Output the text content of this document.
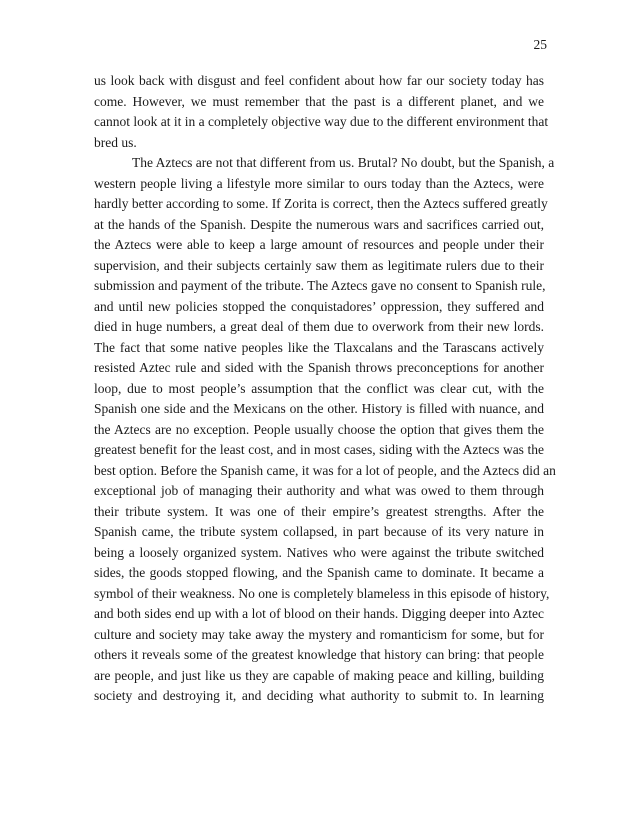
25
us look back with disgust and feel confident about how far our society today has
come. However, we must remember that the past is a different planet, and we
cannot look at it in a completely objective way due to the different environment that
bred us.
The Aztecs are not that different from us. Brutal? No doubt, but the Spanish, a
western people living a lifestyle more similar to ours today than the Aztecs, were
hardly better according to some. If Zorita is correct, then the Aztecs suffered greatly
at the hands of the Spanish. Despite the numerous wars and sacrifices carried out,
the Aztecs were able to keep a large amount of resources and people under their
supervision, and their subjects certainly saw them as legitimate rulers due to their
submission and payment of the tribute. The Aztecs gave no consent to Spanish rule,
and until new policies stopped the conquistadores’ oppression, they suffered and
died in huge numbers, a great deal of them due to overwork from their new lords.
The fact that some native peoples like the Tlaxcalans and the Tarascans actively
resisted Aztec rule and sided with the Spanish throws preconceptions for another
loop, due to most people’s assumption that the conflict was clear cut, with the
Spanish one side and the Mexicans on the other. History is filled with nuance, and
the Aztecs are no exception. People usually choose the option that gives them the
greatest benefit for the least cost, and in most cases, siding with the Aztecs was the
best option. Before the Spanish came, it was for a lot of people, and the Aztecs did an
exceptional job of managing their authority and what was owed to them through
their tribute system. It was one of their empire’s greatest strengths. After the
Spanish came, the tribute system collapsed, in part because of its very nature in
being a loosely organized system. Natives who were against the tribute switched
sides, the goods stopped flowing, and the Spanish came to dominate. It became a
symbol of their weakness. No one is completely blameless in this episode of history,
and both sides end up with a lot of blood on their hands. Digging deeper into Aztec
culture and society may take away the mystery and romanticism for some, but for
others it reveals some of the greatest knowledge that history can bring: that people
are people, and just like us they are capable of making peace and killing, building
society and destroying it, and deciding what authority to submit to. In learning
